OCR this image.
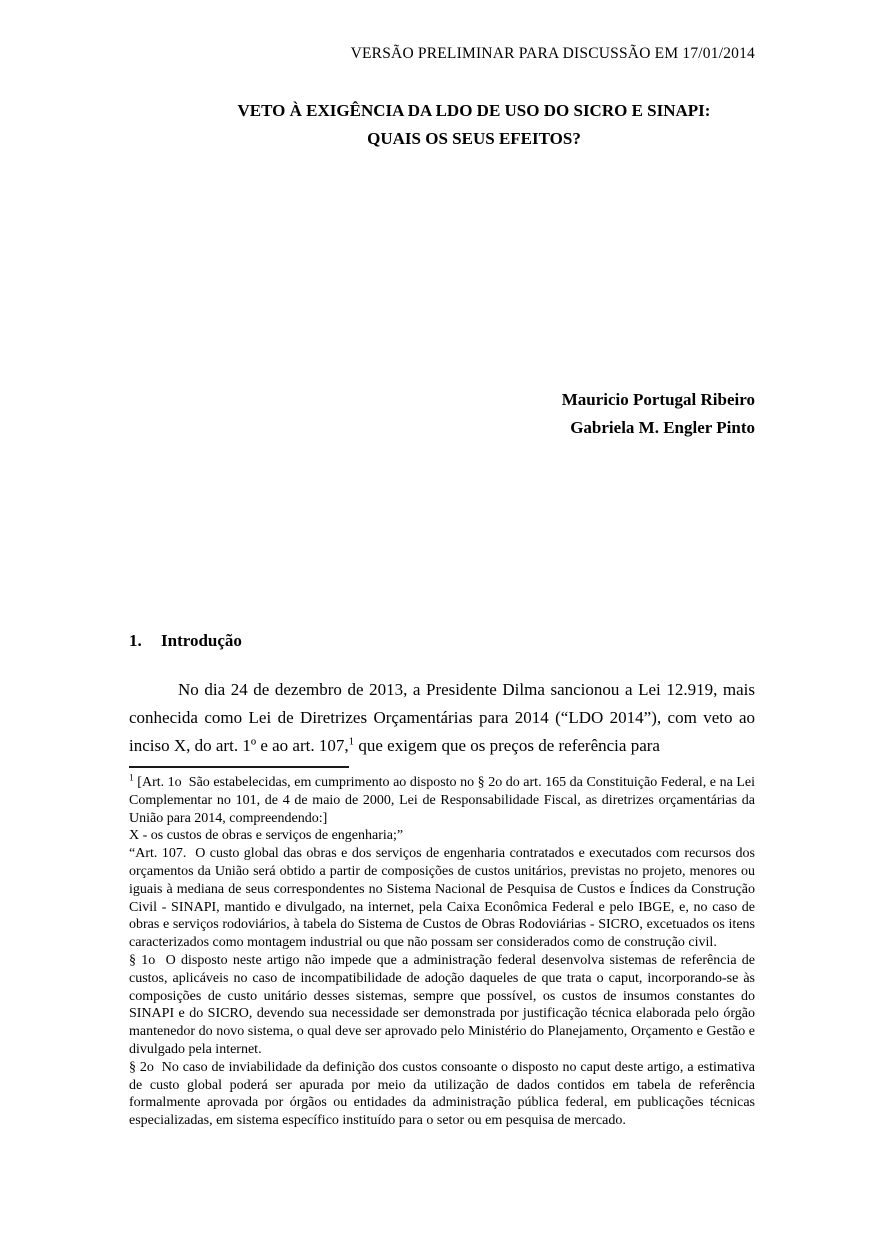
VERSÃO PRELIMINAR PARA DISCUSSÃO EM 17/01/2014
VETO À EXIGÊNCIA DA LDO DE USO DO SICRO E SINAPI:
QUAIS OS SEUS EFEITOS?
Mauricio Portugal Ribeiro
Gabriela M. Engler Pinto
1. Introdução
No dia 24 de dezembro de 2013, a Presidente Dilma sancionou a Lei 12.919, mais conhecida como Lei de Diretrizes Orçamentárias para 2014 (“LDO 2014”), com veto ao inciso X, do art. 1º e ao art. 107,$^1$ que exigem que os preços de referência para

$^1$ [Art. 1o  São estabelecidas, em cumprimento ao disposto no § 2o do art. 165 da Constituição Federal, e na Lei Complementar no 101, de 4 de maio de 2000, Lei de Responsabilidade Fiscal, as diretrizes orçamentárias da União para 2014, compreendendo:]

X - os custos de obras e serviços de engenharia;”

“Art. 107.  O custo global das obras e dos serviços de engenharia contratados e executados com recursos dos orçamentos da União será obtido a partir de composições de custos unitários, previstas no projeto, menores ou iguais à mediana de seus correspondentes no Sistema Nacional de Pesquisa de Custos e Índices da Construção Civil - SINAPI, mantido e divulgado, na internet, pela Caixa Econômica Federal e pelo IBGE, e, no caso de obras e serviços rodoviários, à tabela do Sistema de Custos de Obras Rodoviárias - SICRO, excetuados os itens caracterizados como montagem industrial ou que não possam ser considerados como de construção civil.

§ 1o  O disposto neste artigo não impede que a administração federal desenvolva sistemas de referência de custos, aplicáveis no caso de incompatibilidade de adoção daqueles de que trata o caput, incorporando-se às composições de custo unitário desses sistemas, sempre que possível, os custos de insumos constantes do SINAPI e do SICRO, devendo sua necessidade ser demonstrada por justificação técnica elaborada pelo órgão mantenedor do novo sistema, o qual deve ser aprovado pelo Ministério do Planejamento, Orçamento e Gestão e divulgado pela internet.

§ 2o  No caso de inviabilidade da definição dos custos consoante o disposto no caput deste artigo, a estimativa de custo global poderá ser apurada por meio da utilização de dados contidos em tabela de referência formalmente aprovada por órgãos ou entidades da administração pública federal, em publicações técnicas especializadas, em sistema específico instituído para o setor ou em pesquisa de mercado.
